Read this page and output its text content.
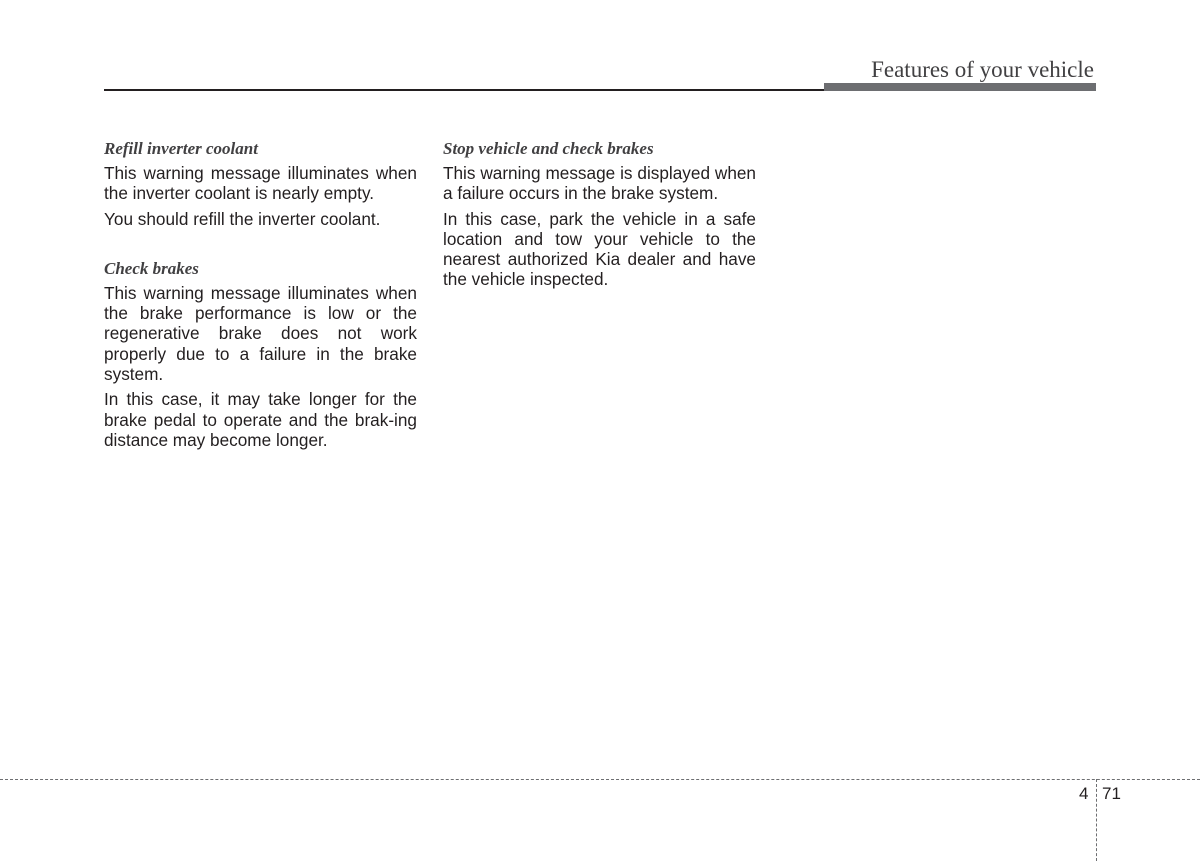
Features of your vehicle
Refill inverter coolant

This warning message illuminates when the inverter coolant is nearly empty.

You should refill the inverter coolant.

Check brakes

This warning message illuminates when the brake performance is low or the regenerative brake does not work properly due to a failure in the brake system.

In this case, it may take longer for the brake pedal to operate and the brak-ing distance may become longer.

Stop vehicle and check brakes

This warning message is displayed when a failure occurs in the brake system.

In this case, park the vehicle in a safe location and tow your vehicle to the nearest authorized Kia dealer and have the vehicle inspected.

4 71
